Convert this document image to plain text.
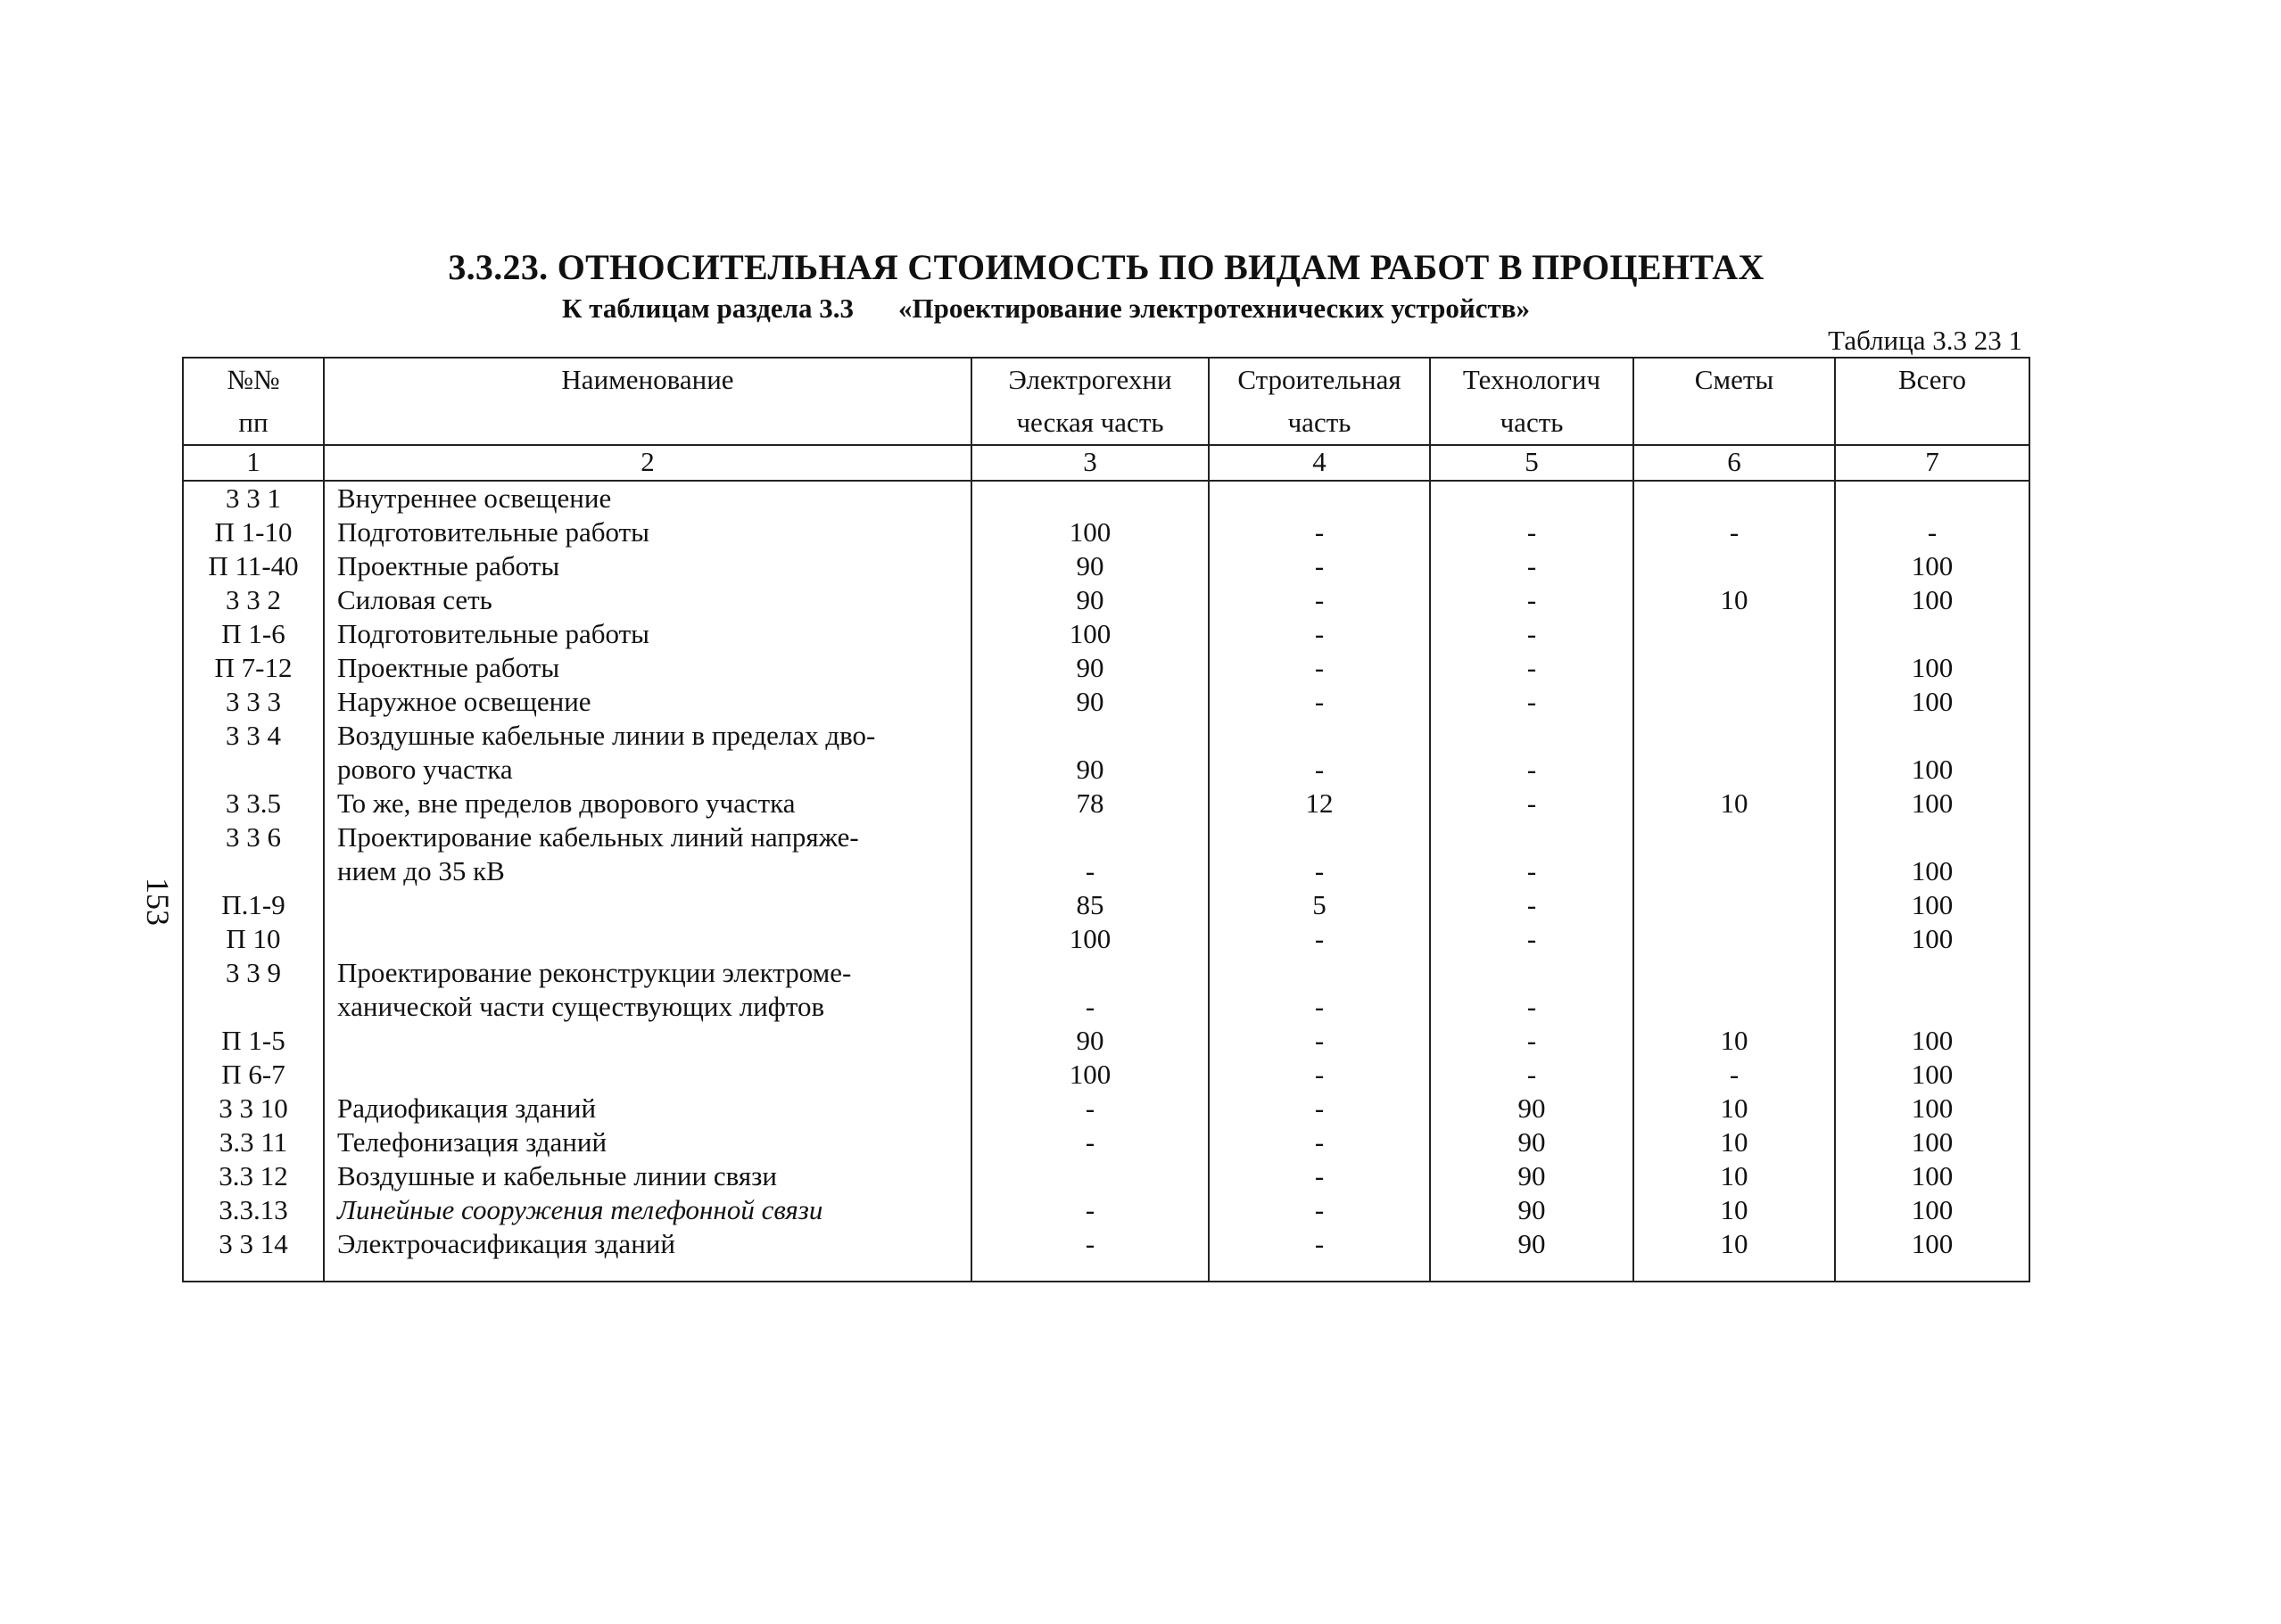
3.3.23. ОТНОСИТЕЛЬНАЯ СТОИМОСТЬ ПО ВИДАМ РАБОТ В ПРОЦЕНТАХ
К таблицам раздела 3.3 «Проектирование электротехнических устройств»
Таблица 3.3 23 1
153
№№	Наименование	Электрогехни	Строительная	Технологич	Сметы	Всего
пп		ческая часть	часть	часть		
1	2	3	4	5	6	7
3 3 1	Внутреннее освещение					
П 1-10	Подготовительные работы	100	-	-	-	-
П 11-40	Проектные работы	90	-	-		100
3 3 2	Силовая сеть	90	-	-	10	100
П 1-6	Подготовительные работы	100	-	-		
П 7-12	Проектные работы	90	-	-		100
3 3 3	Наружное освещение	90	-	-		100
3 3 4	Воздушные кабельные линии в пределах дво-					
	рового участка	90	-	-		100
3 3.5	То же, вне пределов дворового участка	78	12	-	10	100
3 3 6	Проектирование кабельных линий напряже-					
	нием до 35 кВ	-	-	-		100
П.1-9		85	5	-		100
П 10		100	-	-		100
3 3 9	Проектирование реконструкции электроме-					
	ханической части существующих лифтов	-	-	-		
П 1-5		90	-	-	10	100
П 6-7		100	-	-	-	100
3 3 10	Радиофикация зданий	-	-	90	10	100
3.3 11	Телефонизация зданий	-	-	90	10	100
3.3 12	Воздушные и кабельные линии связи		-	90	10	100
3.3.13	Линейные сооружения телефонной связи	-	-	90	10	100
3 3 14	Электрочасификация зданий	-	-	90	10	100
